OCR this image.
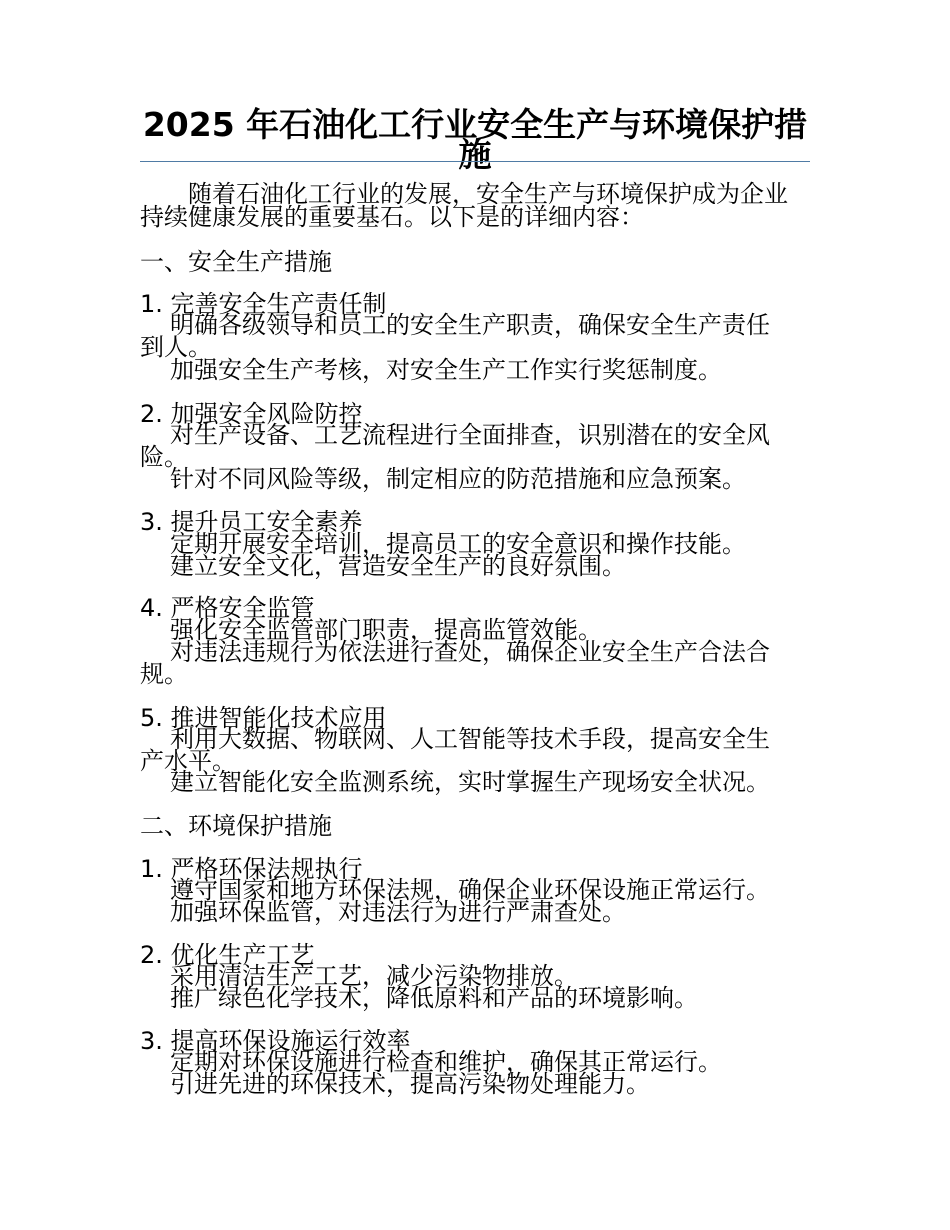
2025 年石油化工行业安全生产与环境保护措施
随着石油化工行业的发展，安全生产与环境保护成为企业
持续健康发展的重要基石。以下是的详细内容：
一、安全生产措施
1. 完善安全生产责任制
明确各级领导和员工的安全生产职责，确保安全生产责任
到人。
加强安全生产考核，对安全生产工作实行奖惩制度。
2. 加强安全风险防控
对生产设备、工艺流程进行全面排查，识别潜在的安全风
险。
针对不同风险等级，制定相应的防范措施和应急预案。
3. 提升员工安全素养
定期开展安全培训，提高员工的安全意识和操作技能。
建立安全文化，营造安全生产的良好氛围。
4. 严格安全监管
强化安全监管部门职责，提高监管效能。
对违法违规行为依法进行查处，确保企业安全生产合法合
规。
5. 推进智能化技术应用
利用大数据、物联网、人工智能等技术手段，提高安全生
产水平。
建立智能化安全监测系统，实时掌握生产现场安全状况。
二、环境保护措施
1. 严格环保法规执行
遵守国家和地方环保法规，确保企业环保设施正常运行。
加强环保监管，对违法行为进行严肃查处。
2. 优化生产工艺
采用清洁生产工艺，减少污染物排放。
推广绿色化学技术，降低原料和产品的环境影响。
3. 提高环保设施运行效率
定期对环保设施进行检查和维护，确保其正常运行。
引进先进的环保技术，提高污染物处理能力。
